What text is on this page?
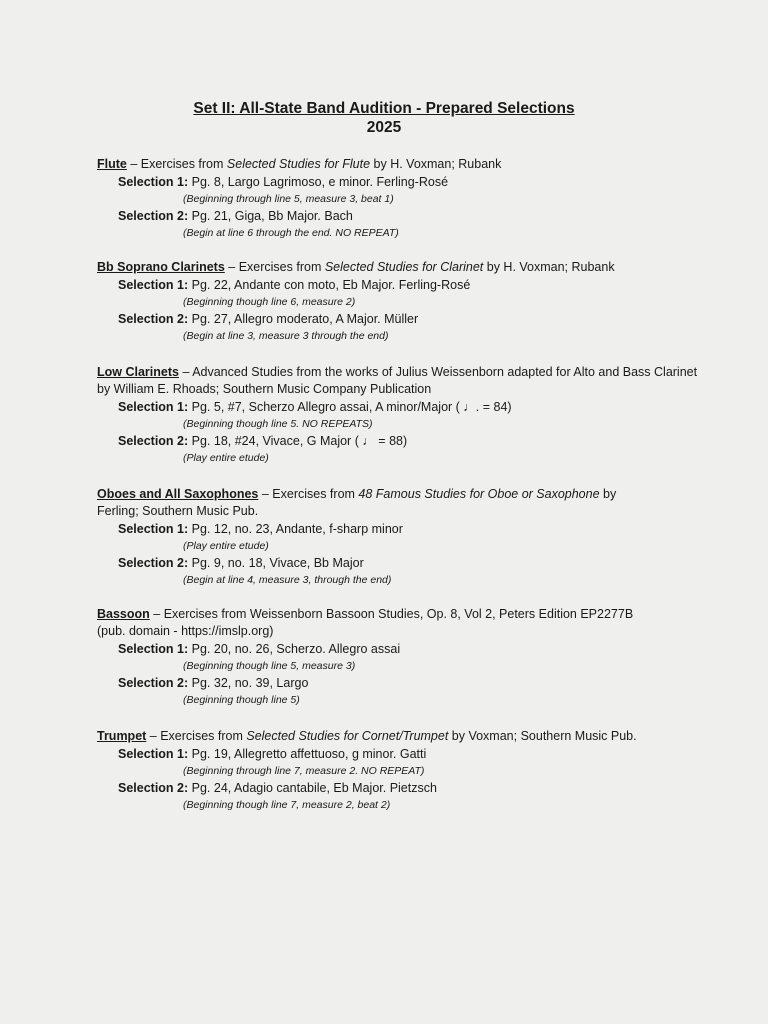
Set II: All-State Band Audition - Prepared Selections
2025
Flute – Exercises from Selected Studies for Flute by H. Voxman; Rubank
Selection 1: Pg. 8, Largo Lagrimoso, e minor. Ferling-Rosé
(Beginning through line 5, measure 3, beat 1)
Selection 2: Pg. 21, Giga, Bb Major. Bach
(Begin at line 6 through the end. NO REPEAT)
Bb Soprano Clarinets – Exercises from Selected Studies for Clarinet by H. Voxman; Rubank
Selection 1: Pg. 22, Andante con moto, Eb Major. Ferling-Rosé
(Beginning though line 6, measure 2)
Selection 2: Pg. 27, Allegro moderato, A Major. Müller
(Begin at line 3, measure 3 through the end)
Low Clarinets – Advanced Studies from the works of Julius Weissenborn adapted for Alto and Bass Clarinet
by William E. Rhoads; Southern Music Company Publication
Selection 1: Pg. 5, #7, Scherzo Allegro assai, A minor/Major ( ♩. = 84)
(Beginning though line 5. NO REPEATS)
Selection 2: Pg. 18, #24, Vivace, G Major ( ♩ = 88)
(Play entire etude)
Oboes and All Saxophones – Exercises from 48 Famous Studies for Oboe or Saxophone by
Ferling; Southern Music Pub.
Selection 1: Pg. 12, no. 23, Andante, f-sharp minor
(Play entire etude)
Selection 2: Pg. 9, no. 18, Vivace, Bb Major
(Begin at line 4, measure 3, through the end)
Bassoon – Exercises from Weissenborn Bassoon Studies, Op. 8, Vol 2, Peters Edition EP2277B
(pub. domain - https://imslp.org)
Selection 1: Pg. 20, no. 26, Scherzo. Allegro assai
(Beginning though line 5, measure 3)
Selection 2: Pg. 32, no. 39, Largo
(Beginning though line 5)
Trumpet – Exercises from Selected Studies for Cornet/Trumpet by Voxman; Southern Music Pub.
Selection 1: Pg. 19, Allegretto affettuoso, g minor. Gatti
(Beginning through line 7, measure 2. NO REPEAT)
Selection 2: Pg. 24, Adagio cantabile, Eb Major. Pietzsch
(Beginning though line 7, measure 2, beat 2)
